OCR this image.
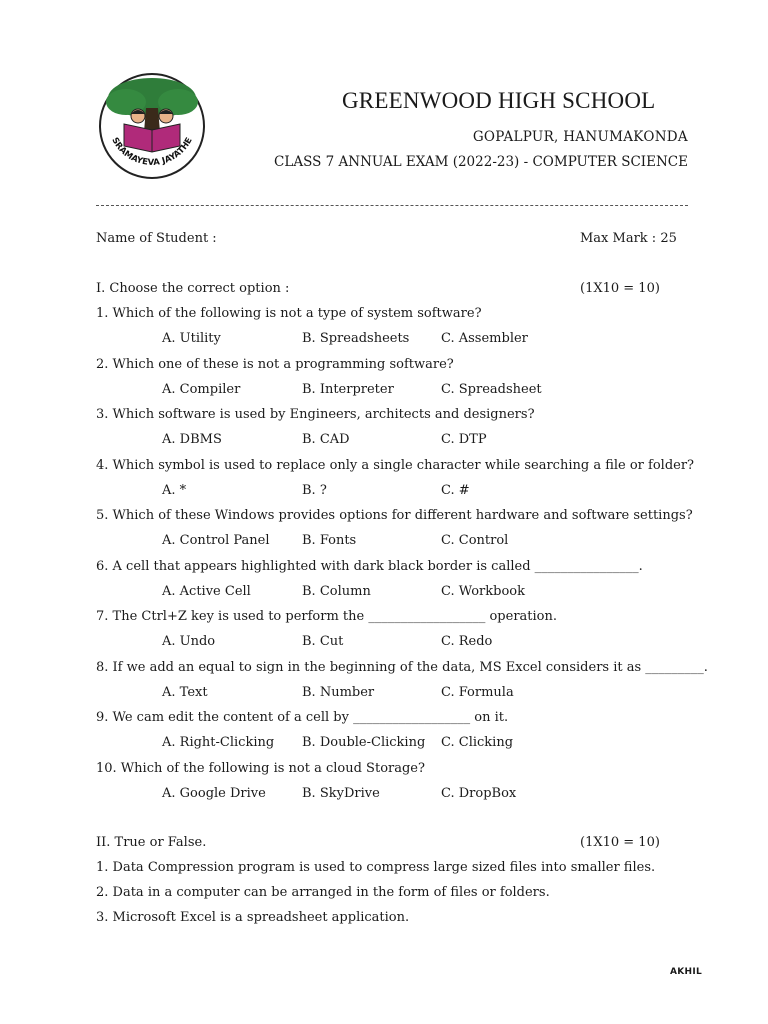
SRAMAYEVA JAYATHE
GREENWOOD HIGH SCHOOL
GOPALPUR, HANUMAKONDA
CLASS 7 ANNUAL EXAM (2022-23) - COMPUTER SCIENCE
Name of Student :	Max Mark : 25
I. Choose the correct option :	(1X10 = 10)
1. Which of the following is not a type of system software?
A. Utility	B. Spreadsheets C. Assembler
2. Which one of these is not a programming software?
A. Compiler	B. Interpreter	C. Spreadsheet
3. Which software is used by Engineers, architects and designers?
A. DBMS	B. CAD	C. DTP
4. Which symbol is used to replace only a single character while searching a file or folder?
A. *	B. ?	C. #
5. Which of these Windows provides options for different hardware and software settings?
A. Control Panel	B. Fonts	C. Control
6. A cell that appears highlighted with dark black border is called ________________.
A. Active Cell	B. Column	C. Workbook
7. The Ctrl+Z key is used to perform the __________________ operation.
A. Undo	B. Cut	C. Redo
8. If we add an equal to sign in the beginning of the data, MS Excel considers it as _________.
A. Text	B. Number	C. Formula
9. We cam edit the content of a cell by __________________ on it.
A. Right-Clicking B. Double-Clicking C. Clicking
10. Which of the following is not a cloud Storage?
A. Google Drive	B. SkyDrive	C. DropBox
II. True or False.	(1X10 = 10)
1. Data Compression program is used to compress large sized files into smaller files.
2. Data in a computer can be arranged in the form of files or folders.
3. Microsoft Excel is a spreadsheet application.
AKHIL
